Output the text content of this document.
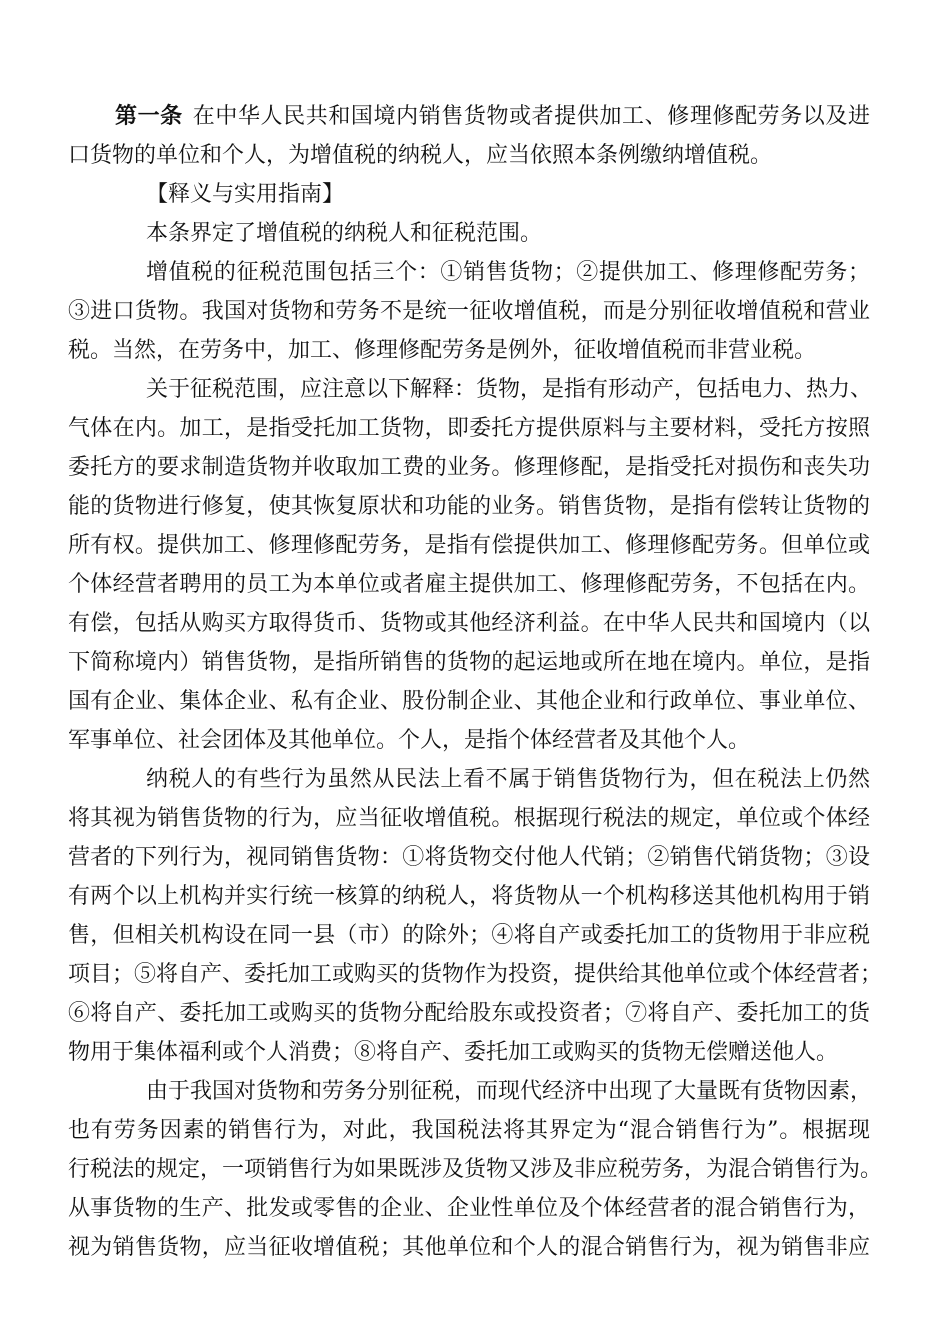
第一条 在中华人民共和国境内销售货物或者提供加工、修理修配劳务以及进
口货物的单位和个人，为增值税的纳税人，应当依照本条例缴纳增值税。
【释义与实用指南】
本条界定了增值税的纳税人和征税范围。
增值税的征税范围包括三个：①销售货物；②提供加工、修理修配劳务；
③进口货物。我国对货物和劳务不是统一征收增值税，而是分别征收增值税和营业
税。当然，在劳务中，加工、修理修配劳务是例外，征收增值税而非营业税。
关于征税范围，应注意以下解释：货物，是指有形动产，包括电力、热力、
气体在内。加工，是指受托加工货物，即委托方提供原料与主要材料，受托方按照
委托方的要求制造货物并收取加工费的业务。修理修配，是指受托对损伤和丧失功
能的货物进行修复，使其恢复原状和功能的业务。销售货物，是指有偿转让货物的
所有权。提供加工、修理修配劳务，是指有偿提供加工、修理修配劳务。但单位或
个体经营者聘用的员工为本单位或者雇主提供加工、修理修配劳务，不包括在内。
有偿，包括从购买方取得货币、货物或其他经济利益。在中华人民共和国境内（以
下简称境内）销售货物，是指所销售的货物的起运地或所在地在境内。单位，是指
国有企业、集体企业、私有企业、股份制企业、其他企业和行政单位、事业单位、
军事单位、社会团体及其他单位。个人，是指个体经营者及其他个人。
纳税人的有些行为虽然从民法上看不属于销售货物行为，但在税法上仍然
将其视为销售货物的行为，应当征收增值税。根据现行税法的规定，单位或个体经
营者的下列行为，视同销售货物：①将货物交付他人代销；②销售代销货物；③设
有两个以上机构并实行统一核算的纳税人，将货物从一个机构移送其他机构用于销
售，但相关机构设在同一县（市）的除外；④将自产或委托加工的货物用于非应税
项目；⑤将自产、委托加工或购买的货物作为投资，提供给其他单位或个体经营者；
⑥将自产、委托加工或购买的货物分配给股东或投资者；⑦将自产、委托加工的货
物用于集体福利或个人消费；⑧将自产、委托加工或购买的货物无偿赠送他人。
由于我国对货物和劳务分别征税，而现代经济中出现了大量既有货物因素，
也有劳务因素的销售行为，对此，我国税法将其界定为“混合销售行为”。根据现
行税法的规定，一项销售行为如果既涉及货物又涉及非应税劳务，为混合销售行为。
从事货物的生产、批发或零售的企业、企业性单位及个体经营者的混合销售行为，
视为销售货物，应当征收增值税；其他单位和个人的混合销售行为，视为销售非应
